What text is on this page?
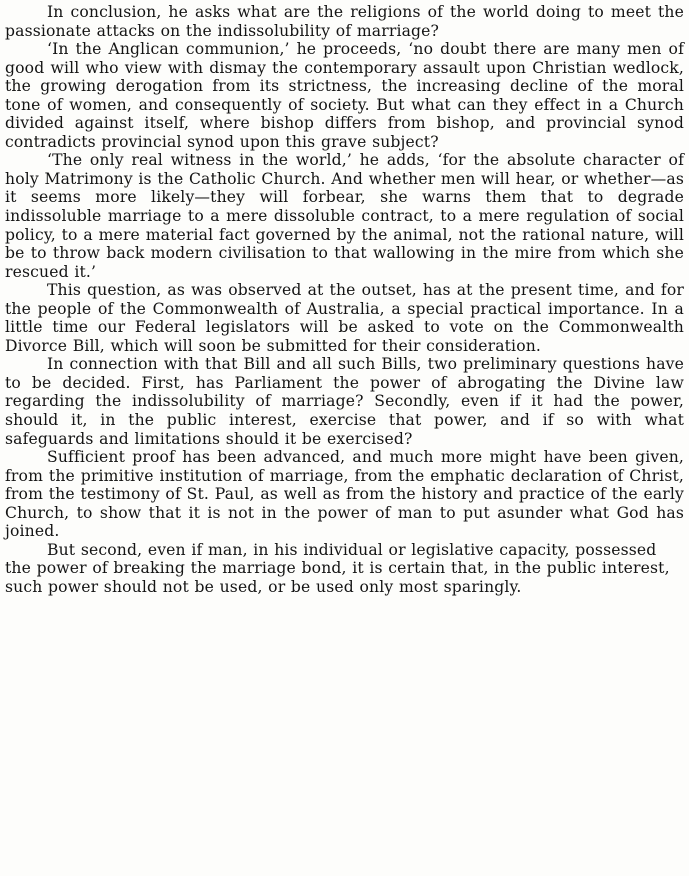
In conclusion, he asks what are the religions of the world doing to meet the passionate attacks on the indissolubility of marriage?

‘In the Anglican communion,’ he proceeds, ‘no doubt there are many men of good will who view with dismay the contemporary assault upon Christian wedlock, the growing derogation from its strictness, the increasing decline of the moral tone of women, and consequently of society. But what can they effect in a Church divided against itself, where bishop differs from bishop, and provincial synod contradicts provincial synod upon this grave subject?

‘The only real witness in the world,’ he adds, ‘for the absolute character of holy Matrimony is the Catholic Church. And whether men will hear, or whether—as it seems more likely—they will forbear, she warns them that to degrade indissoluble marriage to a mere dissoluble contract, to a mere regulation of social policy, to a mere material fact governed by the animal, not the rational nature, will be to throw back modern civilisation to that wallowing in the mire from which she rescued it.’

This question, as was observed at the outset, has at the present time, and for the people of the Commonwealth of Australia, a special practical importance. In a little time our Federal legislators will be asked to vote on the Commonwealth Divorce Bill, which will soon be submitted for their consideration.

In connection with that Bill and all such Bills, two preliminary questions have to be decided. First, has Parliament the power of abrogating the Divine law regarding the indissolubility of marriage? Secondly, even if it had the power, should it, in the public interest, exercise that power, and if so with what safeguards and limitations should it be exercised?

Sufficient proof has been advanced, and much more might have been given, from the primitive institution of marriage, from the emphatic declaration of Christ, from the testimony of St. Paul, as well as from the history and practice of the early Church, to show that it is not in the power of man to put asunder what God has joined.

But second, even if man, in his individual or legislative capacity, possessed the power of breaking the marriage bond, it is certain that, in the public interest, such power should not be used, or be used only most sparingly.
